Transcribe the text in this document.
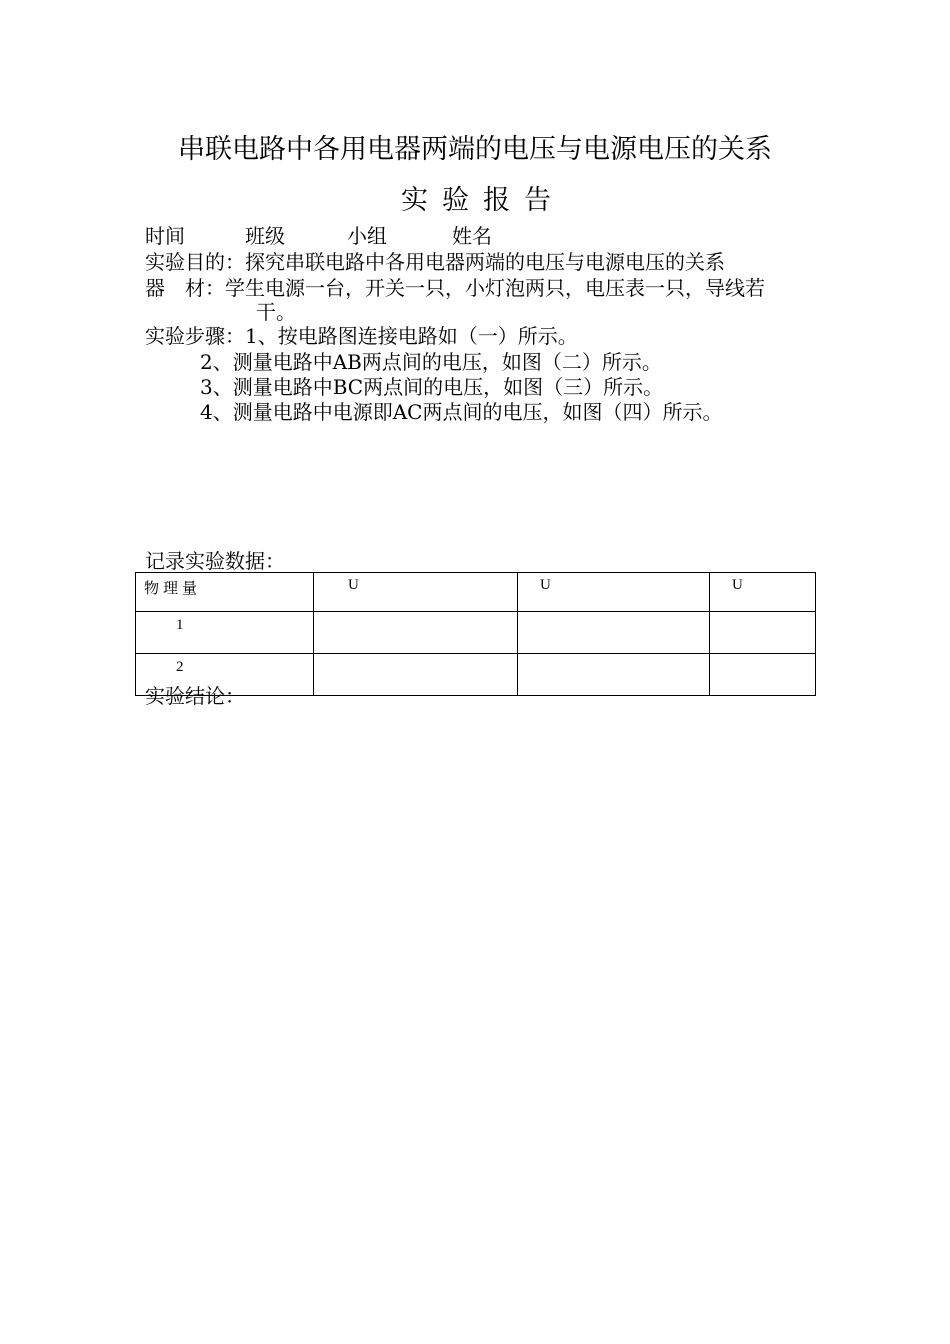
串联电路中各用电器两端的电压与电源电压的关系
实验报告
时间	班级	小组	姓名
实验目的：探究串联电路中各用电器两端的电压与电源电压的关系
器　材：学生电源一台，开关一只，小灯泡两只，电压表一只，导线若
干。
实验步骤：1、按电路图连接电路如（一）所示。
2、测量电路中AB两点间的电压，如图（二）所示。
3、测量电路中BC两点间的电压，如图（三）所示。
4、测量电路中电源即AC两点间的电压，如图（四）所示。
记录实验数据：
物理量	U	U	U
1			
2			
实验结论：
